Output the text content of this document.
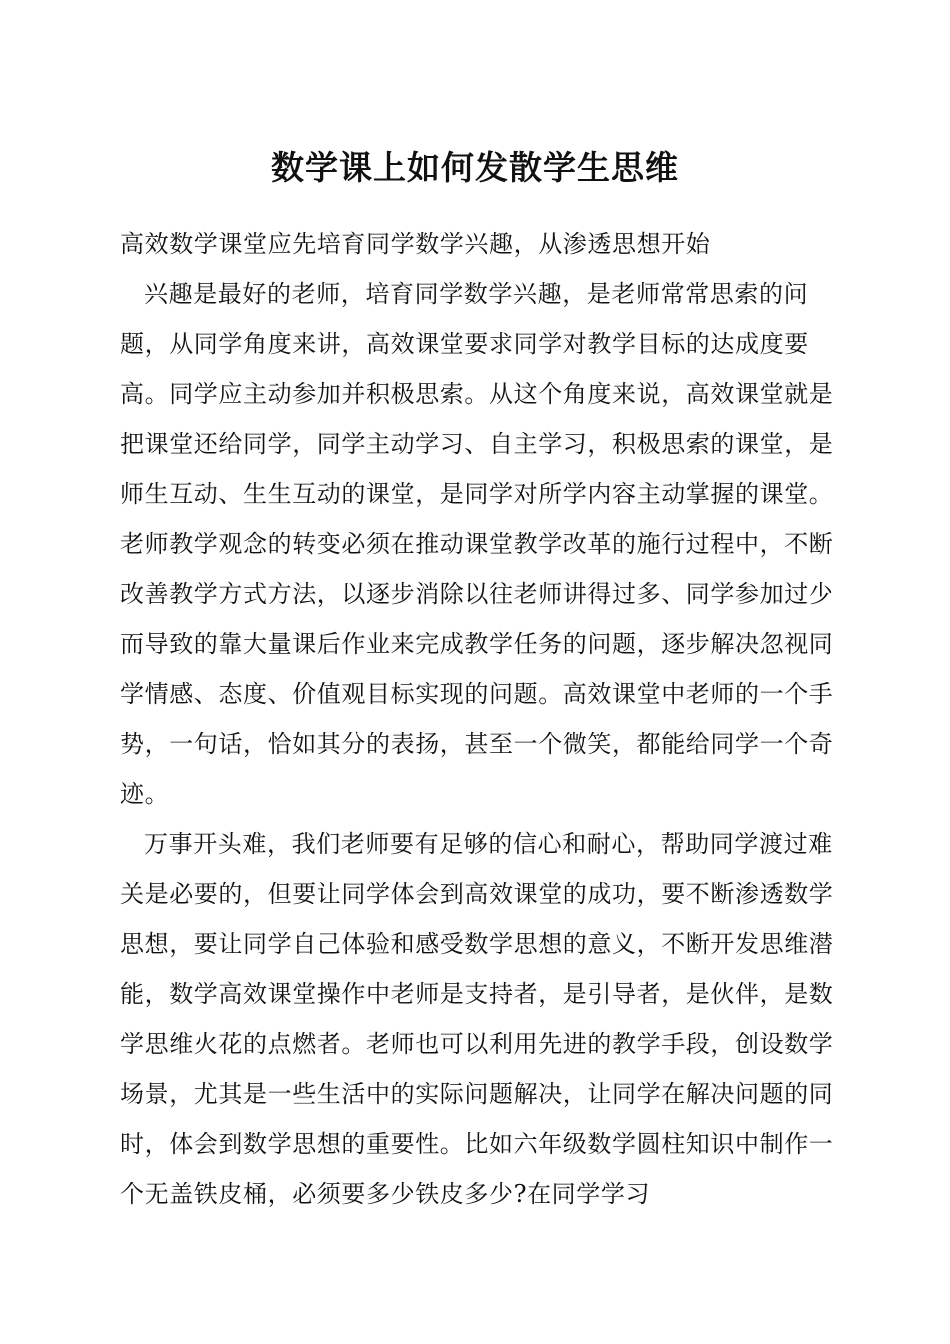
数学课上如何发散学生思维

高效数学课堂应先培育同学数学兴趣，从渗透思想开始

兴趣是最好的老师，培育同学数学兴趣，是老师常常思索的问题，从同学角度来讲，高效课堂要求同学对教学目标的达成度要高。同学应主动参加并积极思索。从这个角度来说，高效课堂就是把课堂还给同学，同学主动学习、自主学习，积极思索的课堂，是师生互动、生生互动的课堂，是同学对所学内容主动掌握的课堂。老师教学观念的转变必须在推动课堂教学改革的施行过程中，不断改善教学方式方法，以逐步消除以往老师讲得过多、同学参加过少而导致的靠大量课后作业来完成教学任务的问题，逐步解决忽视同学情感、态度、价值观目标实现的问题。高效课堂中老师的一个手势，一句话，恰如其分的表扬，甚至一个微笑，都能给同学一个奇迹。

万事开头难，我们老师要有足够的信心和耐心，帮助同学渡过难关是必要的，但要让同学体会到高效课堂的成功，要不断渗透数学思想，要让同学自己体验和感受数学思想的意义，不断开发思维潜能，数学高效课堂操作中老师是支持者，是引导者，是伙伴，是数学思维火花的点燃者。老师也可以利用先进的教学手段，创设数学场景，尤其是一些生活中的实际问题解决，让同学在解决问题的同时，体会到数学思想的重要性。比如六年级数学圆柱知识中制作一个无盖铁皮桶，必须要多少铁皮多少?在同学学习
